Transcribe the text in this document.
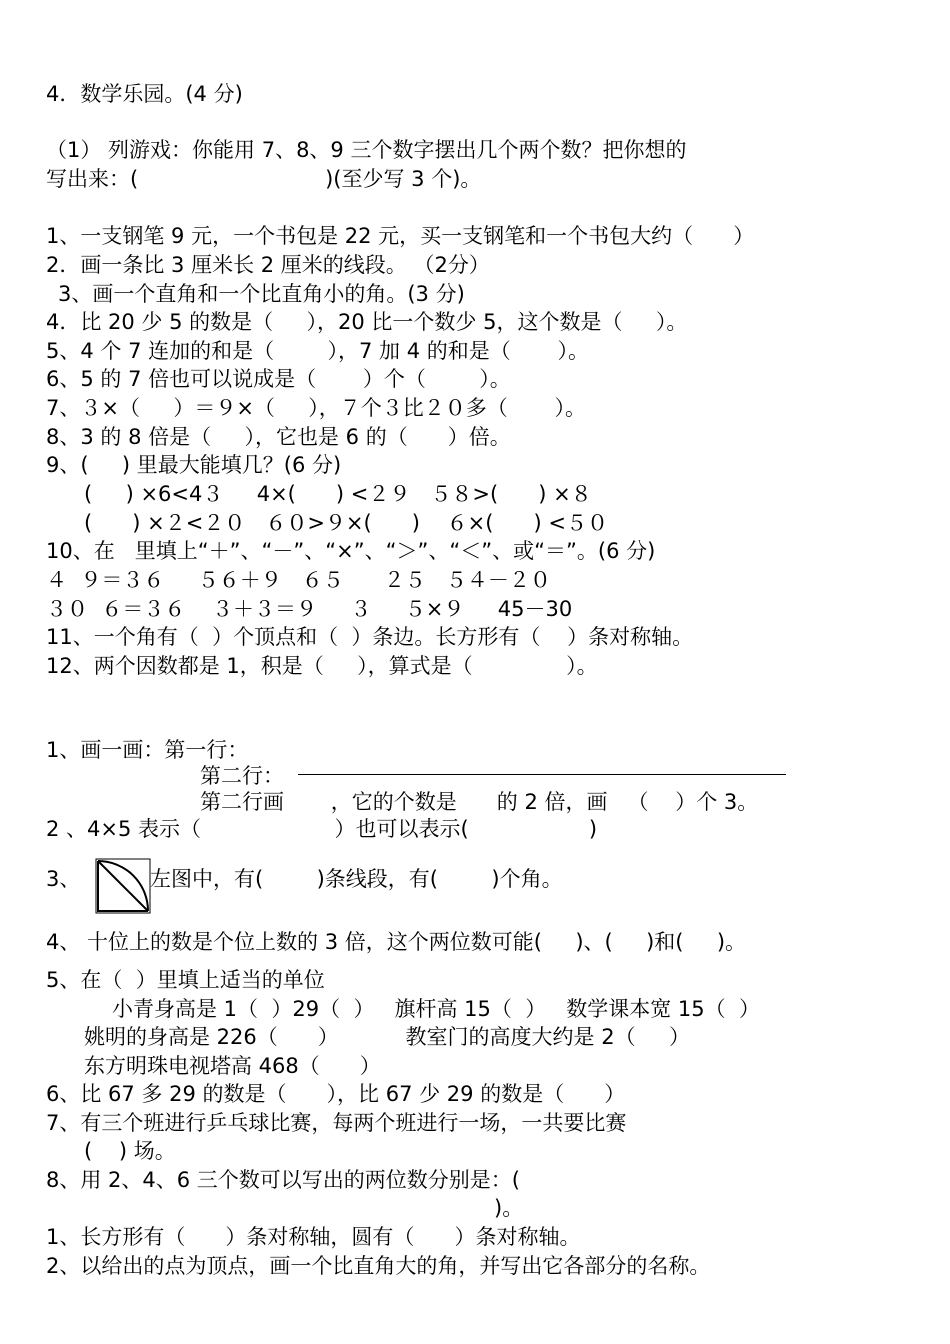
4．数学乐园。(4 分)
（1） 列游戏：你能用 7、8、9 三个数字摆出几个两个数？把你想的
写出来：(                            )(至少写 3 个)。
1、一支钢笔 9 元，一个书包是 22 元，买一支钢笔和一个书包大约（      ）
2．画一条比 3 厘米长 2 厘米的线段。 （2分）
3、画一个直角和一个比直角小的角。(3 分)
4．比 20 少 5 的数是（     ），20 比一个数少 5，这个数是（     ）。
5、4 个 7 连加的和是（        ），7 加 4 的和是（       ）。
6、5 的 7 倍也可以说成是（       ）个（        ）。
7、３×（     ）＝９×（     ），７个３比２０多（       ）。
8、3 的 8 倍是（     ），它也是 6 的（      ）倍。
9、(     ) 里最大能填几？(6 分)
(     ) ×6<4３     4×(      ) <２９   ５８>(      ) ×８
(      ) ×２<２０   ６０>９×(      )    ６×(      ) <５０
10、在   里填上“＋”、“－”、“×”、“＞”、“＜”、或“＝”。(6 分)
４  ９＝３６     ５６＋９   ６５      ２５   ５４－２０
３０  ６＝３６    ３＋３＝９     ３     ５×９     45－30
11、一个角有（  ）个顶点和（  ）条边。长方形有（    ）条对称轴。
12、两个因数都是 1，积是（     ），算式是（              ）。
1、画一画：第一行：
第二行：
第二行画       ，它的个数是      的 2 倍，画   （    ）个 3。
2 、4×5 表示（                    ）也可以表示(                  )
3、	左图中，有(        )条线段，有(        )个角。
4、 十位上的数是个位上数的 3 倍，这个两位数可能(     )、(     )和(     )。
5、在（  ）里填上适当的单位
小青身高是 1（  ）29（  ）   旗杆高 15（  ）   数学课本宽 15（  ）
姚明的身高是 226（      ）          教室门的高度大约是 2（     ）
东方明珠电视塔高 468（      ）
6、比 67 多 29 的数是（      ），比 67 少 29 的数是（      ）
7、有三个班进行乒乓球比赛，每两个班进行一场，一共要比赛
(    ) 场。
8、用 2、4、6 三个数可以写出的两位数分别是：(
)。
1、长方形有（      ）条对称轴，圆有（      ）条对称轴。
2、以给出的点为顶点，画一个比直角大的角，并写出它各部分的名称。
